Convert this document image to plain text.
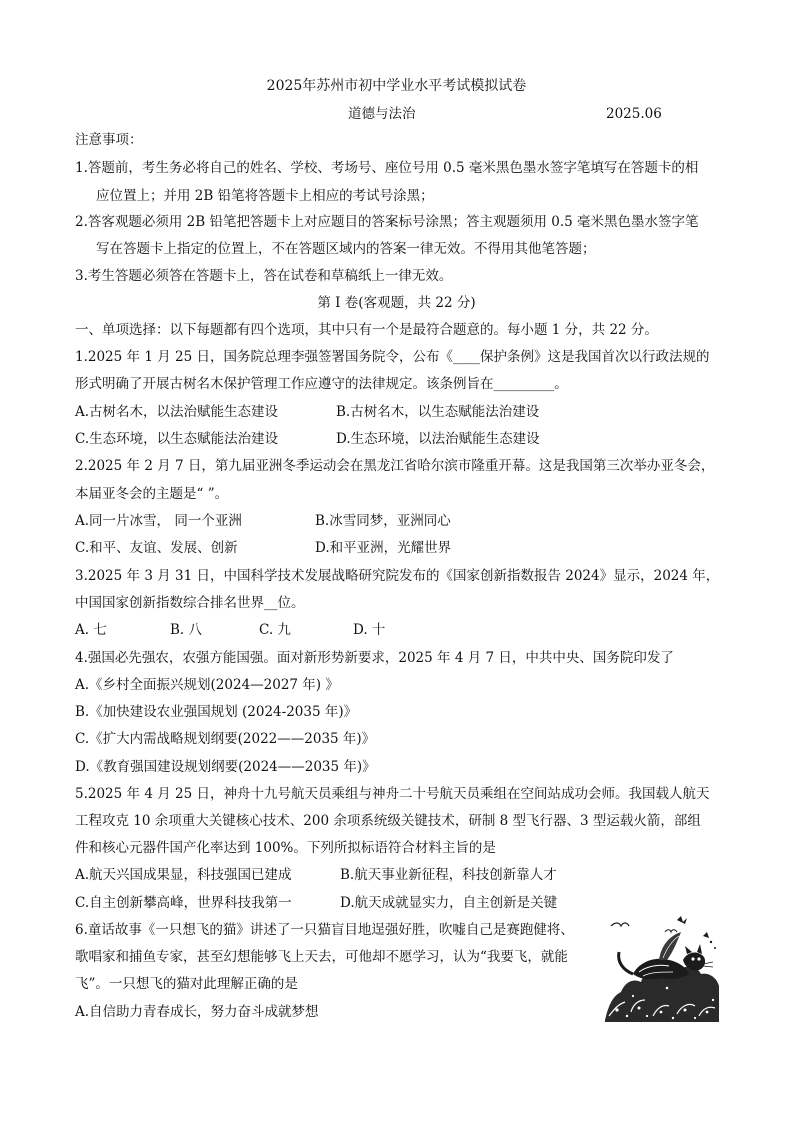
2025年苏州市初中学业水平考试模拟试卷
道德与法治	2025.06
注意事项：
1.答题前，考生务必将自己的姓名、学校、考场号、座位号用 0.5 毫米黑色墨水签字笔填写在答题卡的相
应位置上；并用 2B 铅笔将答题卡上相应的考试号涂黑；
2.答客观题必须用 2B 铅笔把答题卡上对应题目的答案标号涂黑；答主观题须用 0.5 毫米黑色墨水签字笔
写在答题卡上指定的位置上，不在答题区域内的答案一律无效。不得用其他笔答题；
3.考生答题必须答在答题卡上，答在试卷和草稿纸上一律无效。
第 I 卷(客观题，共 22 分)
一、单项选择：以下每题都有四个选项，其中只有一个是最符合题意的。每小题 1 分，共 22 分。
1.2025 年 1 月 25 日，国务院总理李强签署国务院令，公布《____保护条例》这是我国首次以行政法规的
形式明确了开展古树名木保护管理工作应遵守的法律规定。该条例旨在_________。
A.古树名木，以法治赋能生态建设	B.古树名木，以生态赋能法治建设
C.生态环境，以生态赋能法治建设	D.生态环境，以法治赋能生态建设
2.2025 年 2 月 7 日，第九届亚洲冬季运动会在黑龙江省哈尔滨市隆重开幕。这是我国第三次举办亚冬会，
本届亚冬会的主题是“ ”。
A.同一片冰雪， 同一个亚洲	B.冰雪同梦，亚洲同心
C.和平、友谊、发展、创新	D.和平亚洲，光耀世界
3.2025 年 3 月 31 日，中国科学技术发展战略研究院发布的《国家创新指数报告 2024》显示，2024 年，
中国国家创新指数综合排名世界__位。
A. 七	B. 八	C. 九	D. 十
4.强国必先强农，农强方能国强。面对新形势新要求，2025 年 4 月 7 日，中共中央、国务院印发了
A.《乡村全面振兴规划(2024—2027 年) 》
B.《加快建设农业强国规划 (2024-2035 年)》
C.《扩大内需战略规划纲要(2022——2035 年)》
D.《教育强国建设规划纲要(2024——2035 年)》
5.2025 年 4 月 25 日，神舟十九号航天员乘组与神舟二十号航天员乘组在空间站成功会师。我国载人航天
工程攻克 10 余项重大关键核心技术、200 余项系统级关键技术，研制 8 型飞行器、3 型运载火箭，部组
件和核心元器件国产化率达到 100%。下列所拟标语符合材料主旨的是
A.航天兴国成果显，科技强国已建成	B.航天事业新征程，科技创新靠人才
C.自主创新攀高峰，世界科技我第一	D.航天成就显实力，自主创新是关键
6.童话故事《一只想飞的猫》讲述了一只猫盲目地逞强好胜，吹嘘自己是赛跑健将、
歌唱家和捕鱼专家，甚至幻想能够飞上天去，可他却不愿学习，认为“我要飞，就能
飞”。一只想飞的猫对此理解正确的是
A.自信助力青春成长，努力奋斗成就梦想
